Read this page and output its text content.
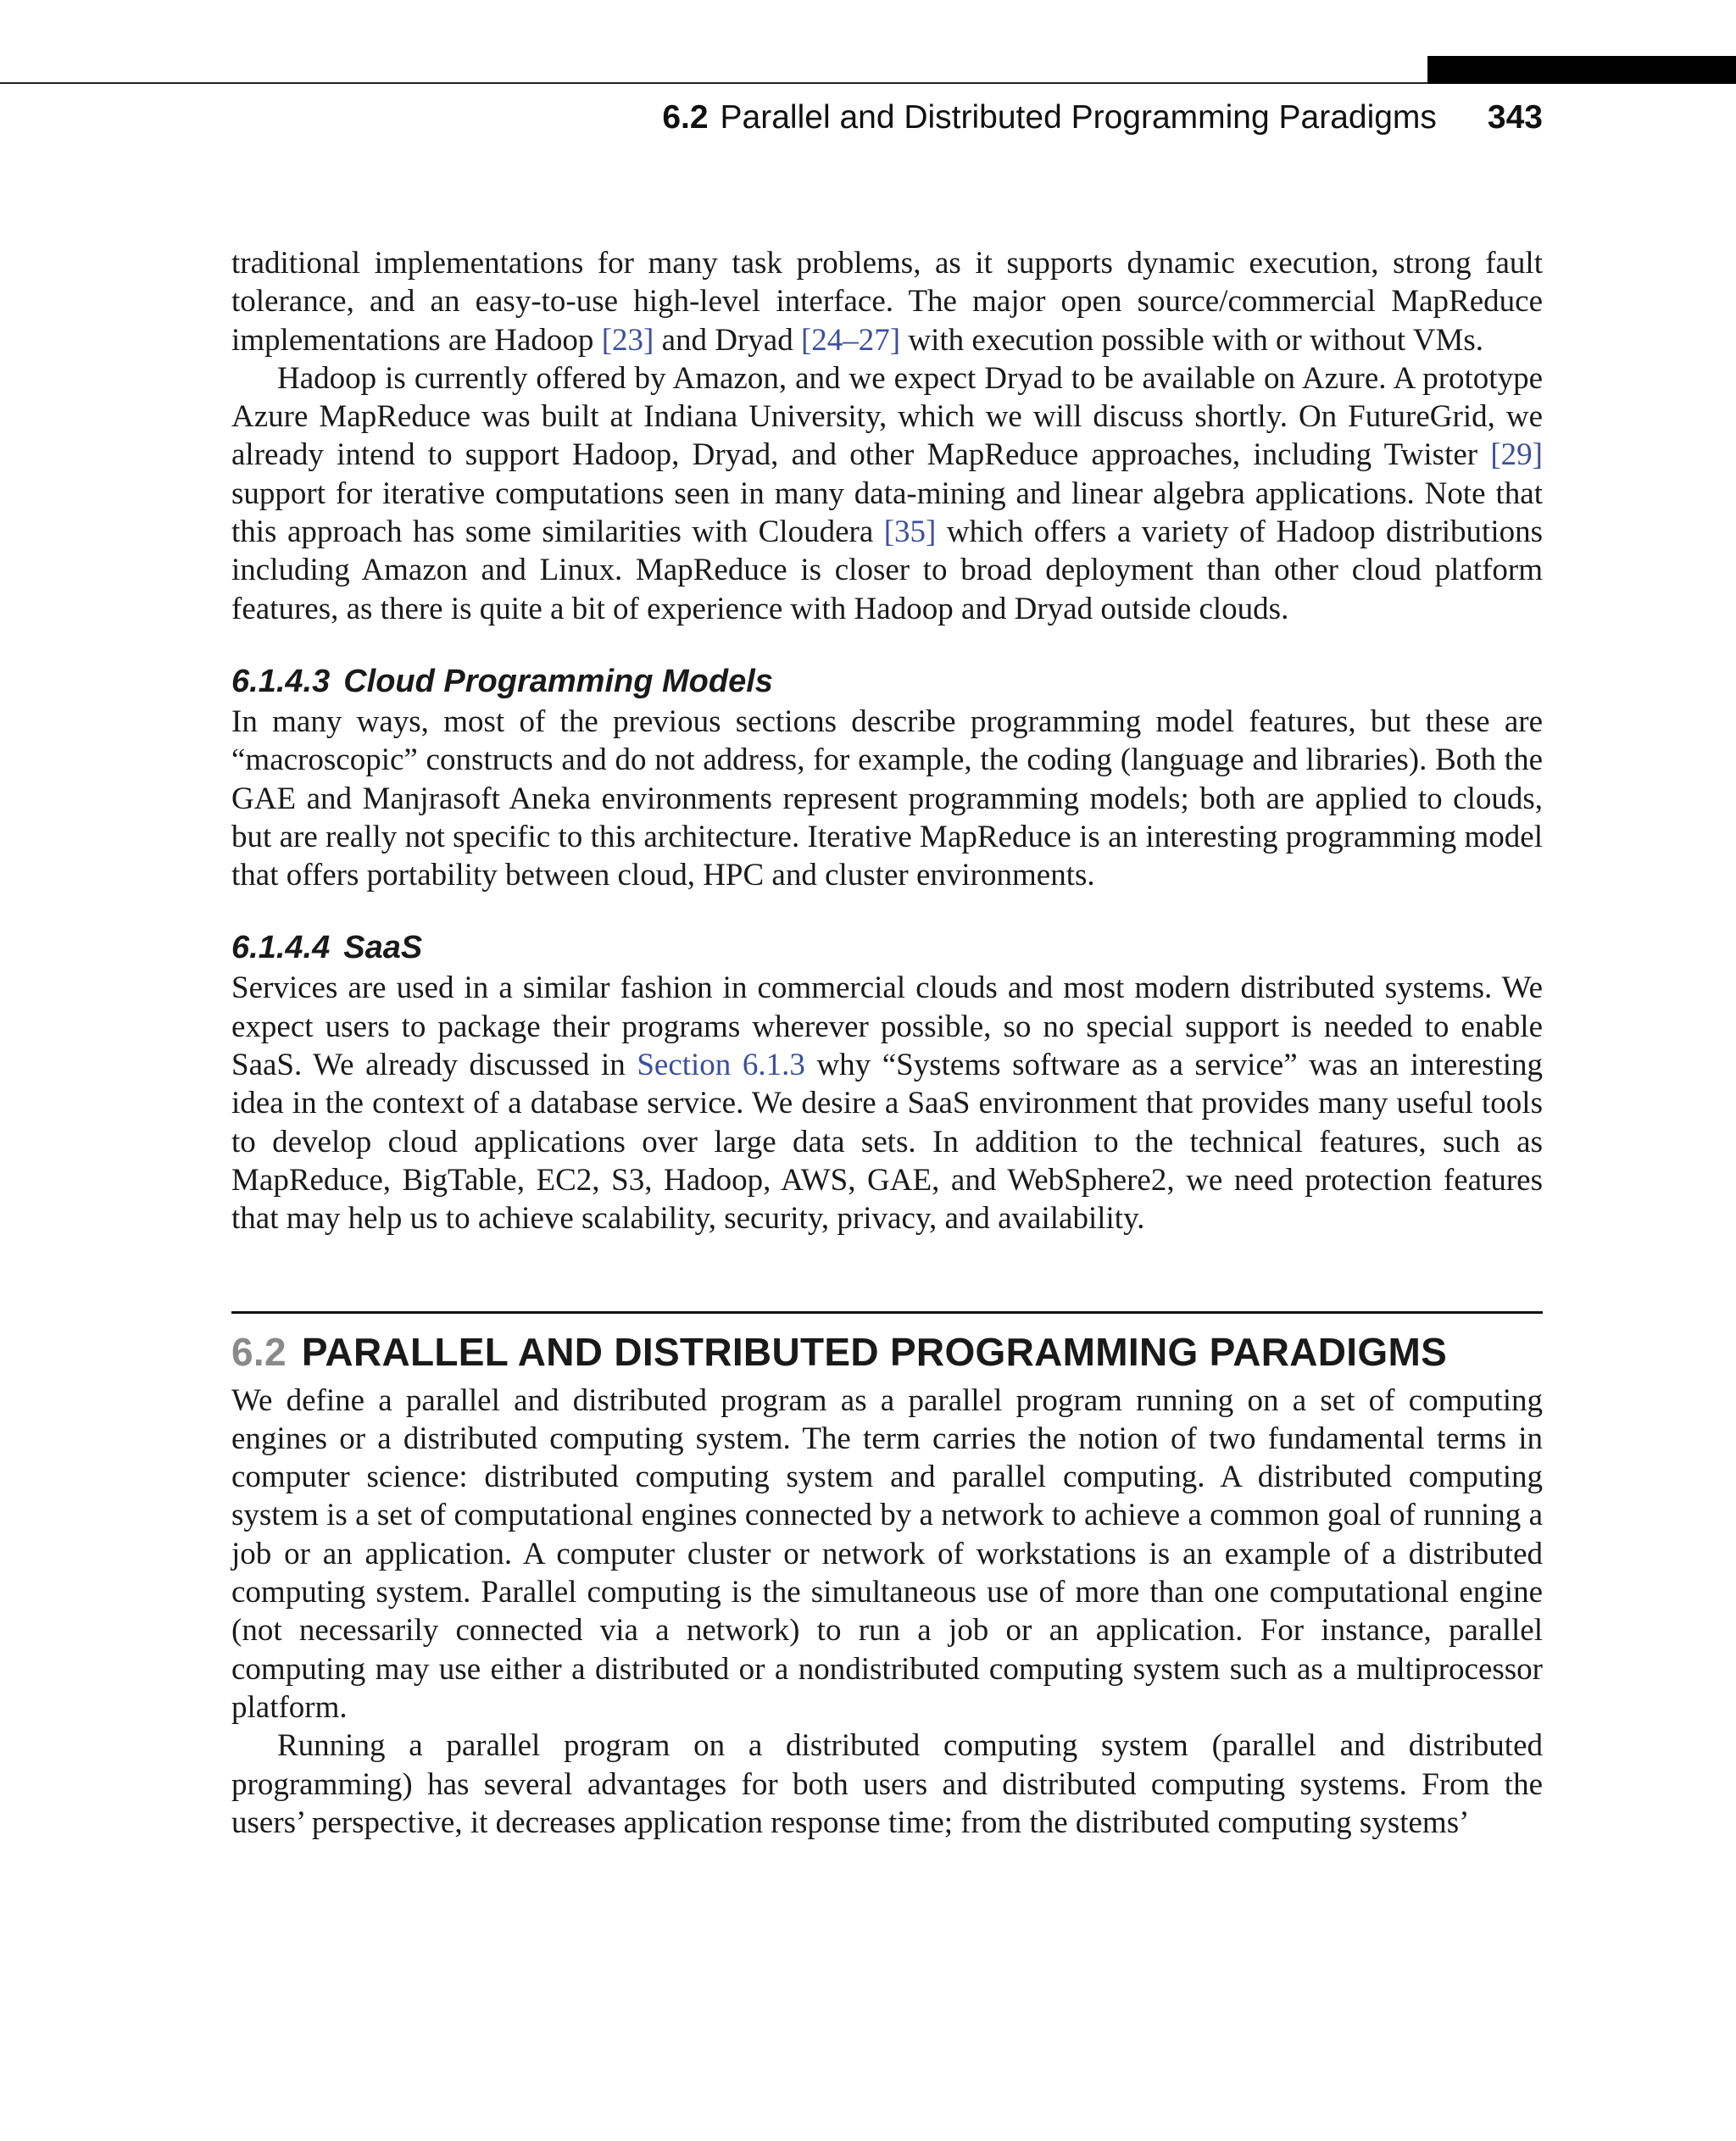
6.2 Parallel and Distributed Programming Paradigms 343

traditional implementations for many task problems, as it supports dynamic execution, strong fault tolerance, and an easy-to-use high-level interface. The major open source/commercial MapReduce implementations are Hadoop [23] and Dryad [24–27] with execution possible with or without VMs.

Hadoop is currently offered by Amazon, and we expect Dryad to be available on Azure. A prototype Azure MapReduce was built at Indiana University, which we will discuss shortly. On FutureGrid, we already intend to support Hadoop, Dryad, and other MapReduce approaches, including Twister [29] support for iterative computations seen in many data-mining and linear algebra applications. Note that this approach has some similarities with Cloudera [35] which offers a variety of Hadoop distributions including Amazon and Linux. MapReduce is closer to broad deployment than other cloud platform features, as there is quite a bit of experience with Hadoop and Dryad outside clouds.

6.1.4.3 Cloud Programming Models

In many ways, most of the previous sections describe programming model features, but these are “macroscopic” constructs and do not address, for example, the coding (language and libraries). Both the GAE and Manjrasoft Aneka environments represent programming models; both are applied to clouds, but are really not specific to this architecture. Iterative MapReduce is an interesting programming model that offers portability between cloud, HPC and cluster environments.

6.1.4.4 SaaS

Services are used in a similar fashion in commercial clouds and most modern distributed systems. We expect users to package their programs wherever possible, so no special support is needed to enable SaaS. We already discussed in Section 6.1.3 why “Systems software as a service” was an interesting idea in the context of a database service. We desire a SaaS environment that provides many useful tools to develop cloud applications over large data sets. In addition to the technical features, such as MapReduce, BigTable, EC2, S3, Hadoop, AWS, GAE, and WebSphere2, we need protection features that may help us to achieve scalability, security, privacy, and availability.

6.2 PARALLEL AND DISTRIBUTED PROGRAMMING PARADIGMS

We define a parallel and distributed program as a parallel program running on a set of computing engines or a distributed computing system. The term carries the notion of two fundamental terms in computer science: distributed computing system and parallel computing. A distributed computing system is a set of computational engines connected by a network to achieve a common goal of running a job or an application. A computer cluster or network of workstations is an example of a distributed computing system. Parallel computing is the simultaneous use of more than one computational engine (not necessarily connected via a network) to run a job or an application. For instance, parallel computing may use either a distributed or a nondistributed computing system such as a multiprocessor platform.

Running a parallel program on a distributed computing system (parallel and distributed programming) has several advantages for both users and distributed computing systems. From the users’ perspective, it decreases application response time; from the distributed computing systems’
